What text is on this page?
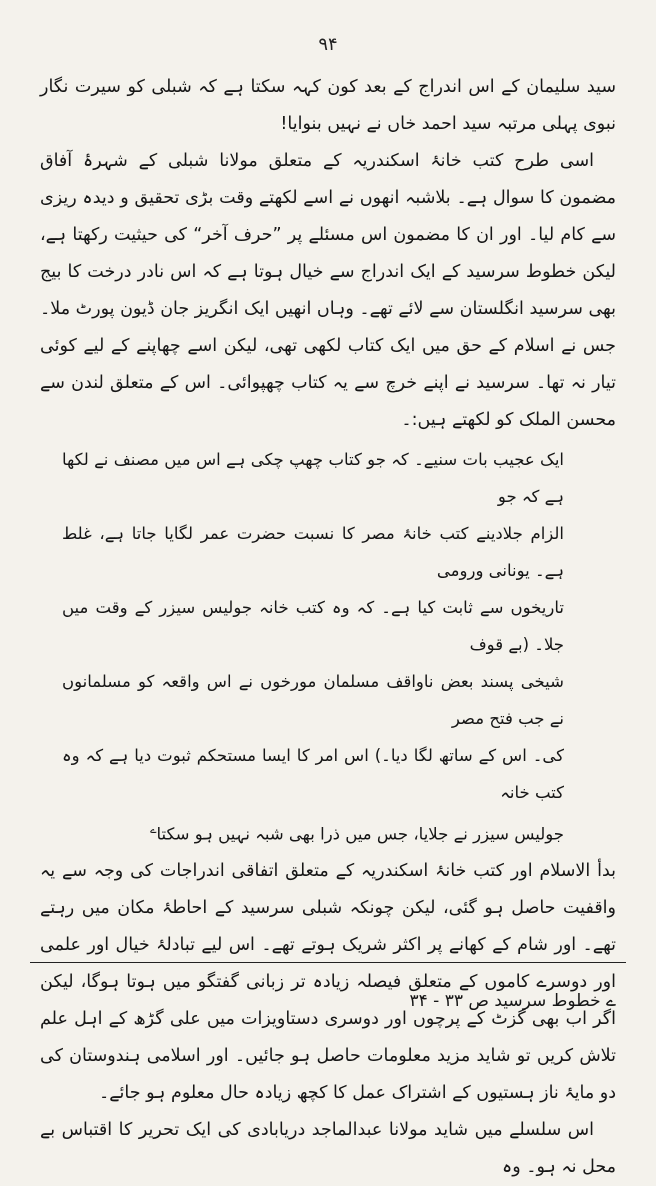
۹۴

سید سلیمان کے اس اندراج کے بعد کون کہہ سکتا ہے کہ شبلی کو سیرت نگار نبوی پہلی مرتبہ سید احمد خاں نے نہیں بنوایا!

اسی طرح کتب خانۂ اسکندریہ کے متعلق مولانا شبلی کے شہرۂ آفاق مضمون کا سوال ہے۔ بلاشبہ انھوں نے اسے لکھتے وقت بڑی تحقیق و دیدہ ریزی سے کام لیا۔ اور ان کا مضمون اس مسئلے پر ”حرف آخر“ کی حیثیت رکھتا ہے، لیکن خطوط سرسید کے ایک اندراج سے خیال ہوتا ہے کہ اس نادر درخت کا بیج بھی سرسید انگلستان سے لائے تھے۔ وہاں انھیں ایک انگریز جان ڈیون پورٹ ملا۔ جس نے اسلام کے حق میں ایک کتاب لکھی تھی، لیکن اسے چھاپنے کے لیے کوئی تیار نہ تھا۔ سرسید نے اپنے خرچ سے یہ کتاب چھپوائی۔ اس کے متعلق لندن سے محسن الملک کو لکھتے ہیں:۔

ایک عجیب بات سنیے۔ کہ جو کتاب چھپ چکی ہے اس میں مصنف نے لکھا ہے کہ جو

الزام جلادینے کتب خانۂ مصر کا نسبت حضرت عمر لگایا جاتا ہے، غلط ہے۔ یونانی ورومی

تاریخوں سے ثابت کیا ہے۔ کہ وہ کتب خانہ جولیس سیزر کے وقت میں جلا۔ (بے قوف

شیخی پسند بعض ناواقف مسلمان مورخوں نے اس واقعہ کو مسلمانوں نے جب فتح مصر

کی۔ اس کے ساتھ لگا دیا۔) اس امر کا ایسا مستحکم ثبوت دیا ہے کہ وہ کتب خانہ

جولیس سیزر نے جلایا، جس میں ذرا بھی شبہ نہیں ہو سکتا$^ے$

بدأ الاسلام اور کتب خانۂ اسکندریہ کے متعلق اتفاقی اندراجات کی وجہ سے یہ واقفیت حاصل ہو گئی، لیکن چونکہ شبلی سرسید کے احاطۂ مکان میں رہتے تھے۔ اور شام کے کھانے پر اکثر شریک ہوتے تھے۔ اس لیے تبادلۂ خیال اور علمی اور دوسرے کاموں کے متعلق فیصلہ زیادہ تر زبانی گفتگو میں ہوتا ہوگا، لیکن اگر اب بھی گزٹ کے پرچوں اور دوسری دستاویزات میں علی گڑھ کے اہل علم تلاش کریں تو شاید مزید معلومات حاصل ہو جائیں۔ اور اسلامی ہندوستان کی دو مایۂ ناز ہستیوں کے اشتراک عمل کا کچھ زیادہ حال معلوم ہو جائے۔

اس سلسلے میں شاید مولانا عبدالماجد دریابادی کی ایک تحریر کا اقتباس بے محل نہ ہو۔ وہ

ے خطوط سرسید ص ۳۳ - ۳۴
